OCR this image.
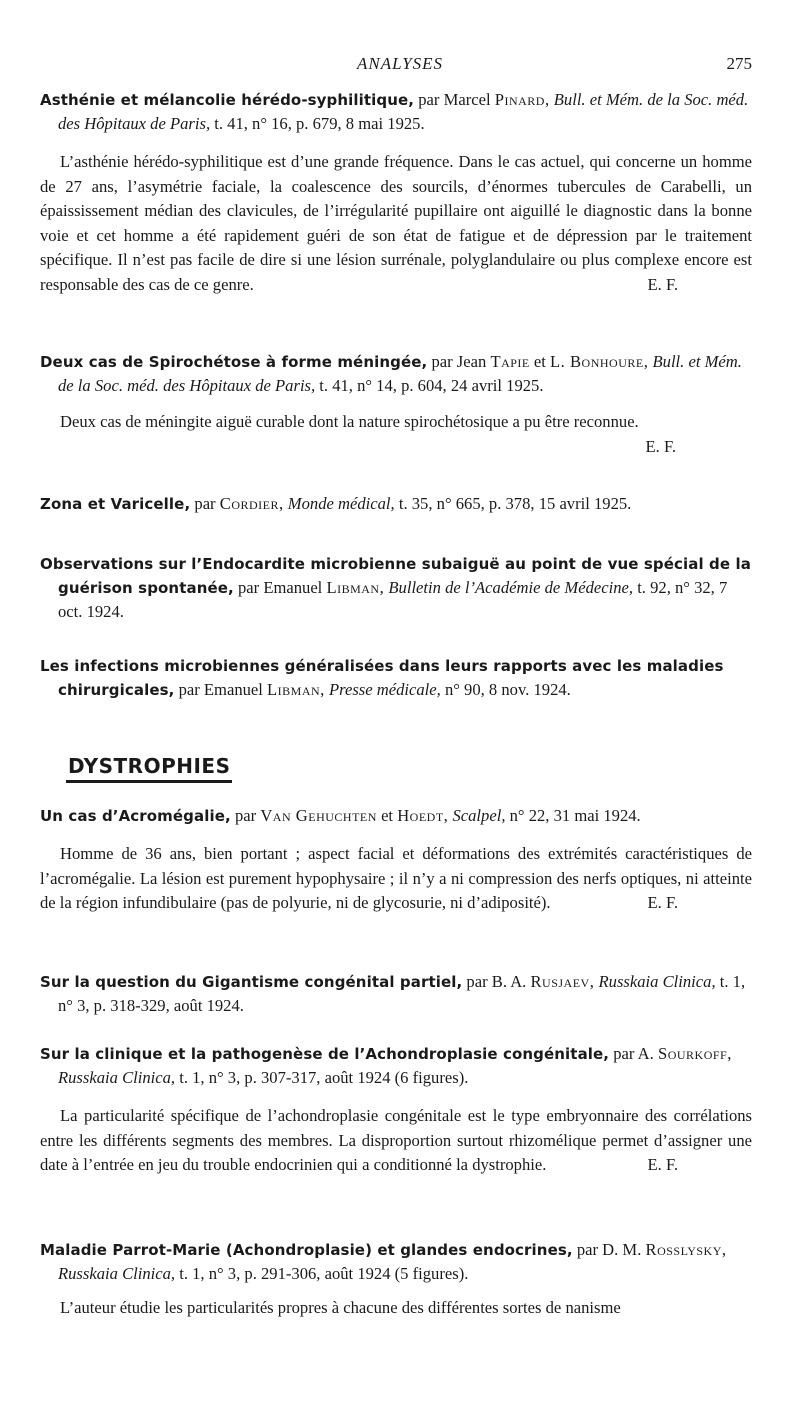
ANALYSES	275

Asthénie et mélancolie hérédo-syphilitique, par Marcel Pinard, Bull. et Mém. de la Soc. méd. des Hôpitaux de Paris, t. 41, n° 16, p. 679, 8 mai 1925.

L’asthénie hérédo-syphilitique est d’une grande fréquence. Dans le cas actuel, qui concerne un homme de 27 ans, l’asymétrie faciale, la coalescence des sourcils, d’énormes tubercules de Carabelli, un épaississement médian des clavicules, de l’irrégularité pupillaire ont aiguillé le diagnostic dans la bonne voie et cet homme a été rapidement guéri de son état de fatigue et de dépression par le traitement spécifique. Il n’est pas facile de dire si une lésion surrénale, polyglandulaire ou plus complexe encore est responsable des cas de ce genre.	E. F.

Deux cas de Spirochétose à forme méningée, par Jean Tapie et L. Bonhoure, Bull. et Mém. de la Soc. méd. des Hôpitaux de Paris, t. 41, n° 14, p. 604, 24 avril 1925.

Deux cas de méningite aiguë curable dont la nature spirochétosique a pu être reconnue.

E. F.

Zona et Varicelle, par Cordier, Monde médical, t. 35, n° 665, p. 378, 15 avril 1925.

Observations sur l’Endocardite microbienne subaiguë au point de vue spécial de la guérison spontanée, par Emanuel Libman, Bulletin de l’Académie de Médecine, t. 92, n° 32, 7 oct. 1924.

Les infections microbiennes généralisées dans leurs rapports avec les maladies chirurgicales, par Emanuel Libman, Presse médicale, n° 90, 8 nov. 1924.

DYSTROPHIES

Un cas d’Acromégalie, par Van Gehuchten et Hoedt, Scalpel, n° 22, 31 mai 1924.

Homme de 36 ans, bien portant ; aspect facial et déformations des extrémités caractéristiques de l’acromégalie. La lésion est purement hypophysaire ; il n’y a ni compression des nerfs optiques, ni atteinte de la région infundibulaire (pas de polyurie, ni de glycosurie, ni d’adiposité).	E. F.

Sur la question du Gigantisme congénital partiel, par B. A. Rusjaev, Russkaia Clinica, t. 1, n° 3, p. 318-329, août 1924.

Sur la clinique et la pathogenèse de l’Achondroplasie congénitale, par A. Sourkoff, Russkaia Clinica, t. 1, n° 3, p. 307-317, août 1924 (6 figures).

La particularité spécifique de l’achondroplasie congénitale est le type embryonnaire des corrélations entre les différents segments des membres. La disproportion surtout rhizomélique permet d’assigner une date à l’entrée en jeu du trouble endocrinien qui a conditionné la dystrophie.	E. F.

Maladie Parrot-Marie (Achondroplasie) et glandes endocrines, par D. M. Rosslysky, Russkaia Clinica, t. 1, n° 3, p. 291-306, août 1924 (5 figures).

L’auteur étudie les particularités propres à chacune des différentes sortes de nanisme
